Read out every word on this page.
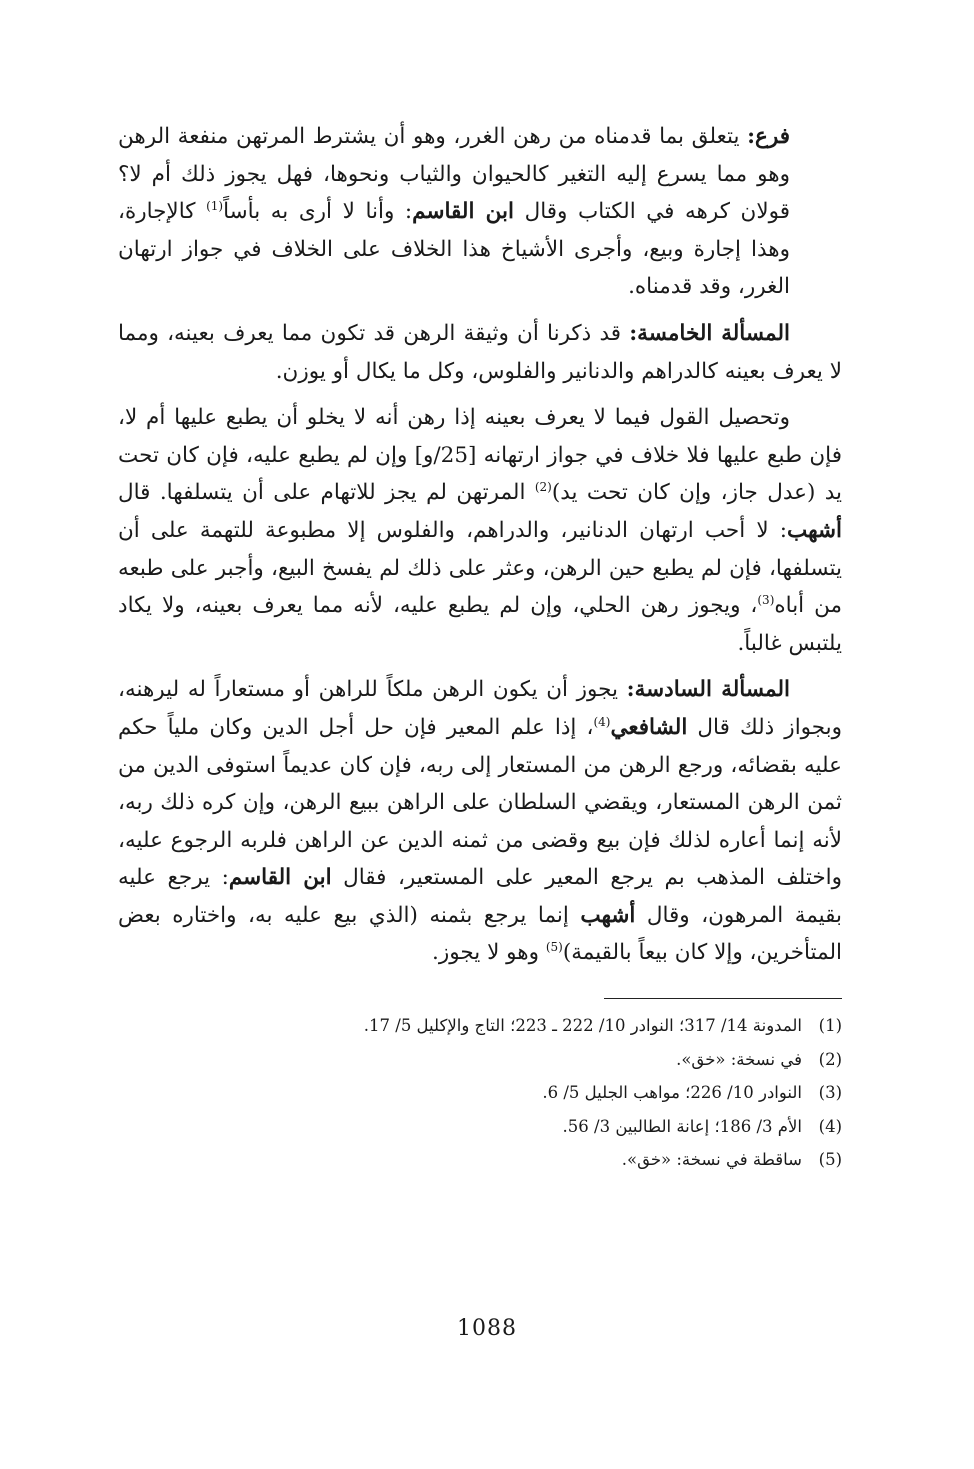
فرع: يتعلق بما قدمناه من رهن الغرر، وهو أن يشترط المرتهن منفعة الرهن وهو مما يسرع إليه التغير كالحيوان والثياب ونحوها، فهل يجوز ذلك أم لا؟ قولان كرهه في الكتاب وقال ابن القاسم: وأنا لا أرى به بأساً$^{(1)}$ كالإجارة، وهذا إجارة وبيع، وأجرى الأشياخ هذا الخلاف على الخلاف في جواز ارتهان الغرر، وقد قدمناه.

المسألة الخامسة: قد ذكرنا أن وثيقة الرهن قد تكون مما يعرف بعينه، ومما لا يعرف بعينه كالدراهم والدنانير والفلوس، وكل ما يكال أو يوزن.

وتحصيل القول فيما لا يعرف بعينه إذا رهن أنه لا يخلو أن يطبع عليها أم لا، فإن طبع عليها فلا خلاف في جواز ارتهانه [25/و] وإن لم يطبع عليه، فإن كان تحت يد (عدل جاز، وإن كان تحت يد)$^{(2)}$ المرتهن لم يجز للاتهام على أن يتسلفها. قال أشهب: لا أحب ارتهان الدنانير، والدراهم، والفلوس إلا مطبوعة للتهمة على أن يتسلفها، فإن لم يطبع حين الرهن، وعثر على ذلك لم يفسخ البيع، وأجبر على طبعه من أباه$^{(3)}$، ويجوز رهن الحلي، وإن لم يطبع عليه، لأنه مما يعرف بعينه، ولا يكاد يلتبس غالباً.

المسألة السادسة: يجوز أن يكون الرهن ملكاً للراهن أو مستعاراً له ليرهنه، وبجواز ذلك قال الشافعي$^{(4)}$، إذا علم المعير فإن حل أجل الدين وكان ملياً حكم عليه بقضائه، ورجع الرهن من المستعار إلى ربه، فإن كان عديماً استوفى الدين من ثمن الرهن المستعار، ويقضي السلطان على الراهن ببيع الرهن، وإن كره ذلك ربه، لأنه إنما أعاره لذلك فإن بيع وقضى من ثمنه الدين عن الراهن فلربه الرجوع عليه، واختلف المذهب بم يرجع المعير على المستعير، فقال ابن القاسم: يرجع عليه بقيمة المرهون، وقال أشهب إنما يرجع بثمنه (الذي بيع عليه به، واختاره بعض المتأخرين، وإلا كان بيعاً بالقيمة)$^{(5)}$ وهو لا يجوز.

(1)
المدونة 14/ 317؛ النوادر 10/ 222 ـ 223؛ التاج والإكليل 5/ 17.
(2)
في نسخة: «خق».
(3)
النوادر 10/ 226؛ مواهب الجليل 5/ 6.
(4)
الأم 3/ 186؛ إعانة الطالبين 3/ 56.
(5)
ساقطة في نسخة: «خق».
1088
